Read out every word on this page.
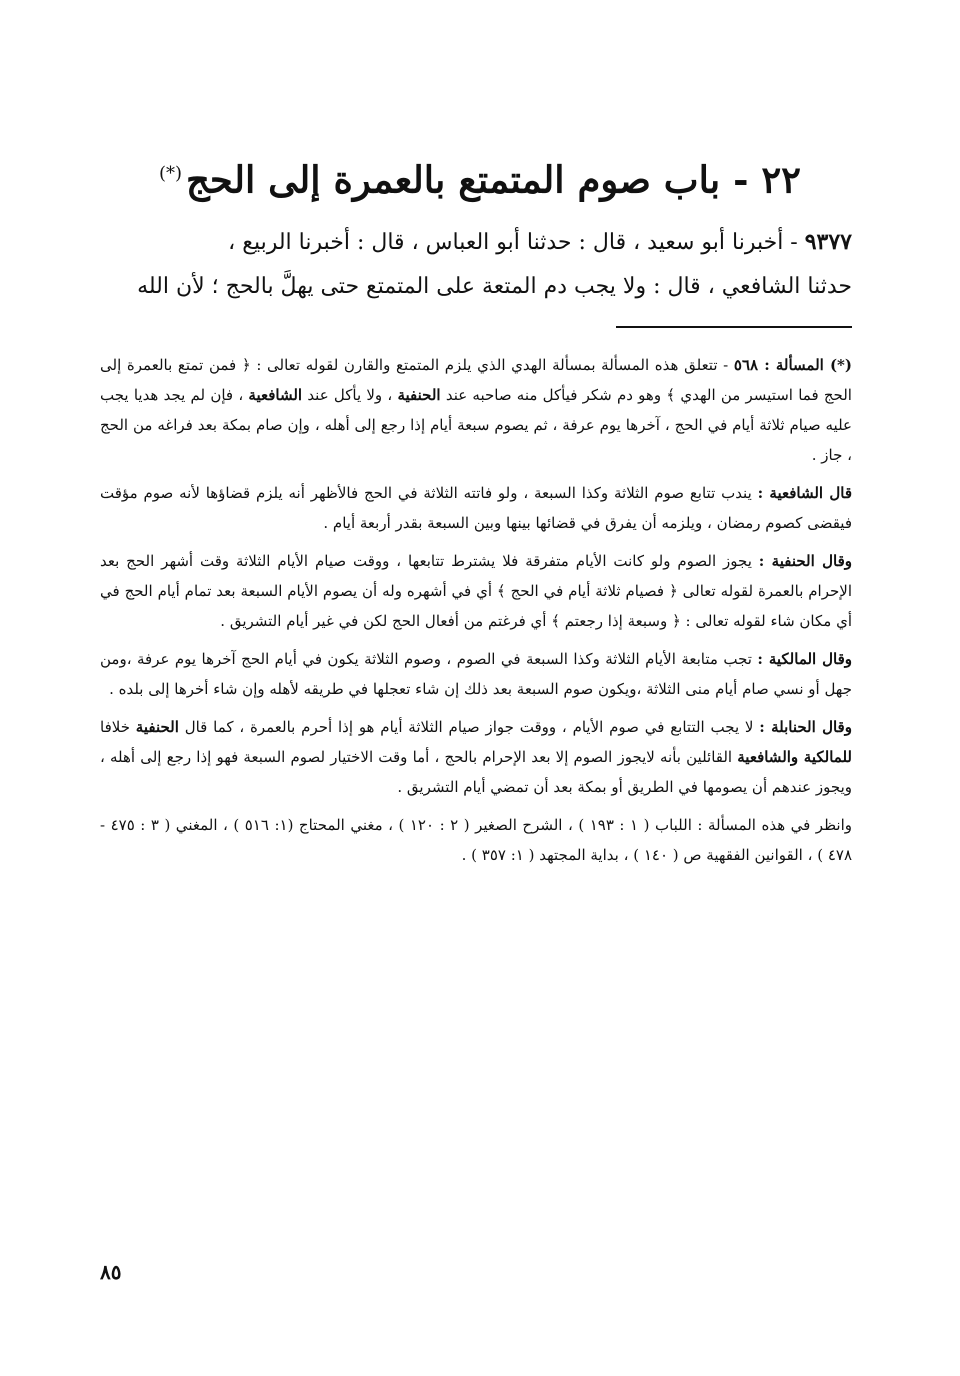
٢٢ - باب صوم المتمتع بالعمرة إلى الحج(*)
٩٣٧٧ - أخبرنا أبو سعيد ، قال : حدثنا أبو العباس ، قال : أخبرنا الربيع ،
حدثنا الشافعي ، قال : ولا يجب دم المتعة على المتمتع حتى يهلَّ بالحج ؛ لأن الله

(*) المسألة : ٥٦٨ - تتعلق هذه المسألة بمسألة الهدي الذي يلزم المتمتع والقارن لقوله تعالى : ﴿ فمن تمتع بالعمرة إلى الحج فما استيسر من الهدي ﴾ وهو دم شكر فيأكل منه صاحبه عند الحنفية ، ولا يأكل عند الشافعية ، فإن لم يجد هديا يجب عليه صيام ثلاثة أيام في الحج ، آخرها يوم عرفة ، ثم يصوم سبعة أيام إذا رجع إلى أهله ، وإن صام بمكة بعد فراغه من الحج ، جاز .

قال الشافعية : يندب تتابع صوم الثلاثة وكذا السبعة ، ولو فاتته الثلاثة في الحج فالأظهر أنه يلزم قضاؤها لأنه صوم مؤقت فيقضى كصوم رمضان ، ويلزمه أن يفرق في قضائها بينها وبين السبعة بقدر أربعة أيام .

وقال الحنفية : يجوز الصوم ولو كانت الأيام متفرقة فلا يشترط تتابعها ، ووقت صيام الأيام الثلاثة وقت أشهر الحج بعد الإحرام بالعمرة لقوله تعالى ﴿ فصيام ثلاثة أيام في الحج ﴾ أي في أشهره وله أن يصوم الأيام السبعة بعد تمام أيام الحج في أي مكان شاء لقوله تعالى : ﴿ وسبعة إذا رجعتم ﴾ أي فرغتم من أفعال الحج لكن في غير أيام التشريق .

وقال المالكية : تجب متابعة الأيام الثلاثة وكذا السبعة في الصوم ، وصوم الثلاثة يكون في أيام الحج آخرها يوم عرفة ،ومن جهل أو نسي صام أيام منى الثلاثة ،ويكون صوم السبعة بعد ذلك إن شاء تعجلها في طريقه لأهله وإن شاء أخرها إلى بلده .

وقال الحنابلة : لا يجب التتابع في صوم الأيام ، ووقت جواز صيام الثلاثة أيام هو إذا أحرم بالعمرة ، كما قال الحنفية خلافا للمالكية والشافعية القائلين بأنه لايجوز الصوم إلا بعد الإحرام بالحج ، أما وقت الاختيار لصوم السبعة فهو إذا رجع إلى أهله ، ويجوز عندهم أن يصومها في الطريق أو بمكة بعد أن تمضي أيام التشريق .

وانظر في هذه المسألة : اللباب ( ١ : ١٩٣ ) ، الشرح الصغير ( ٢ : ١٢٠ ) ، مغني المحتاج (١: ٥١٦ ) ، المغني ( ٣ : ٤٧٥ - ٤٧٨ ) ، القوانين الفقهية ص ( ١٤٠ ) ، بداية المجتهد ( ١: ٣٥٧ ) .

٨٥
